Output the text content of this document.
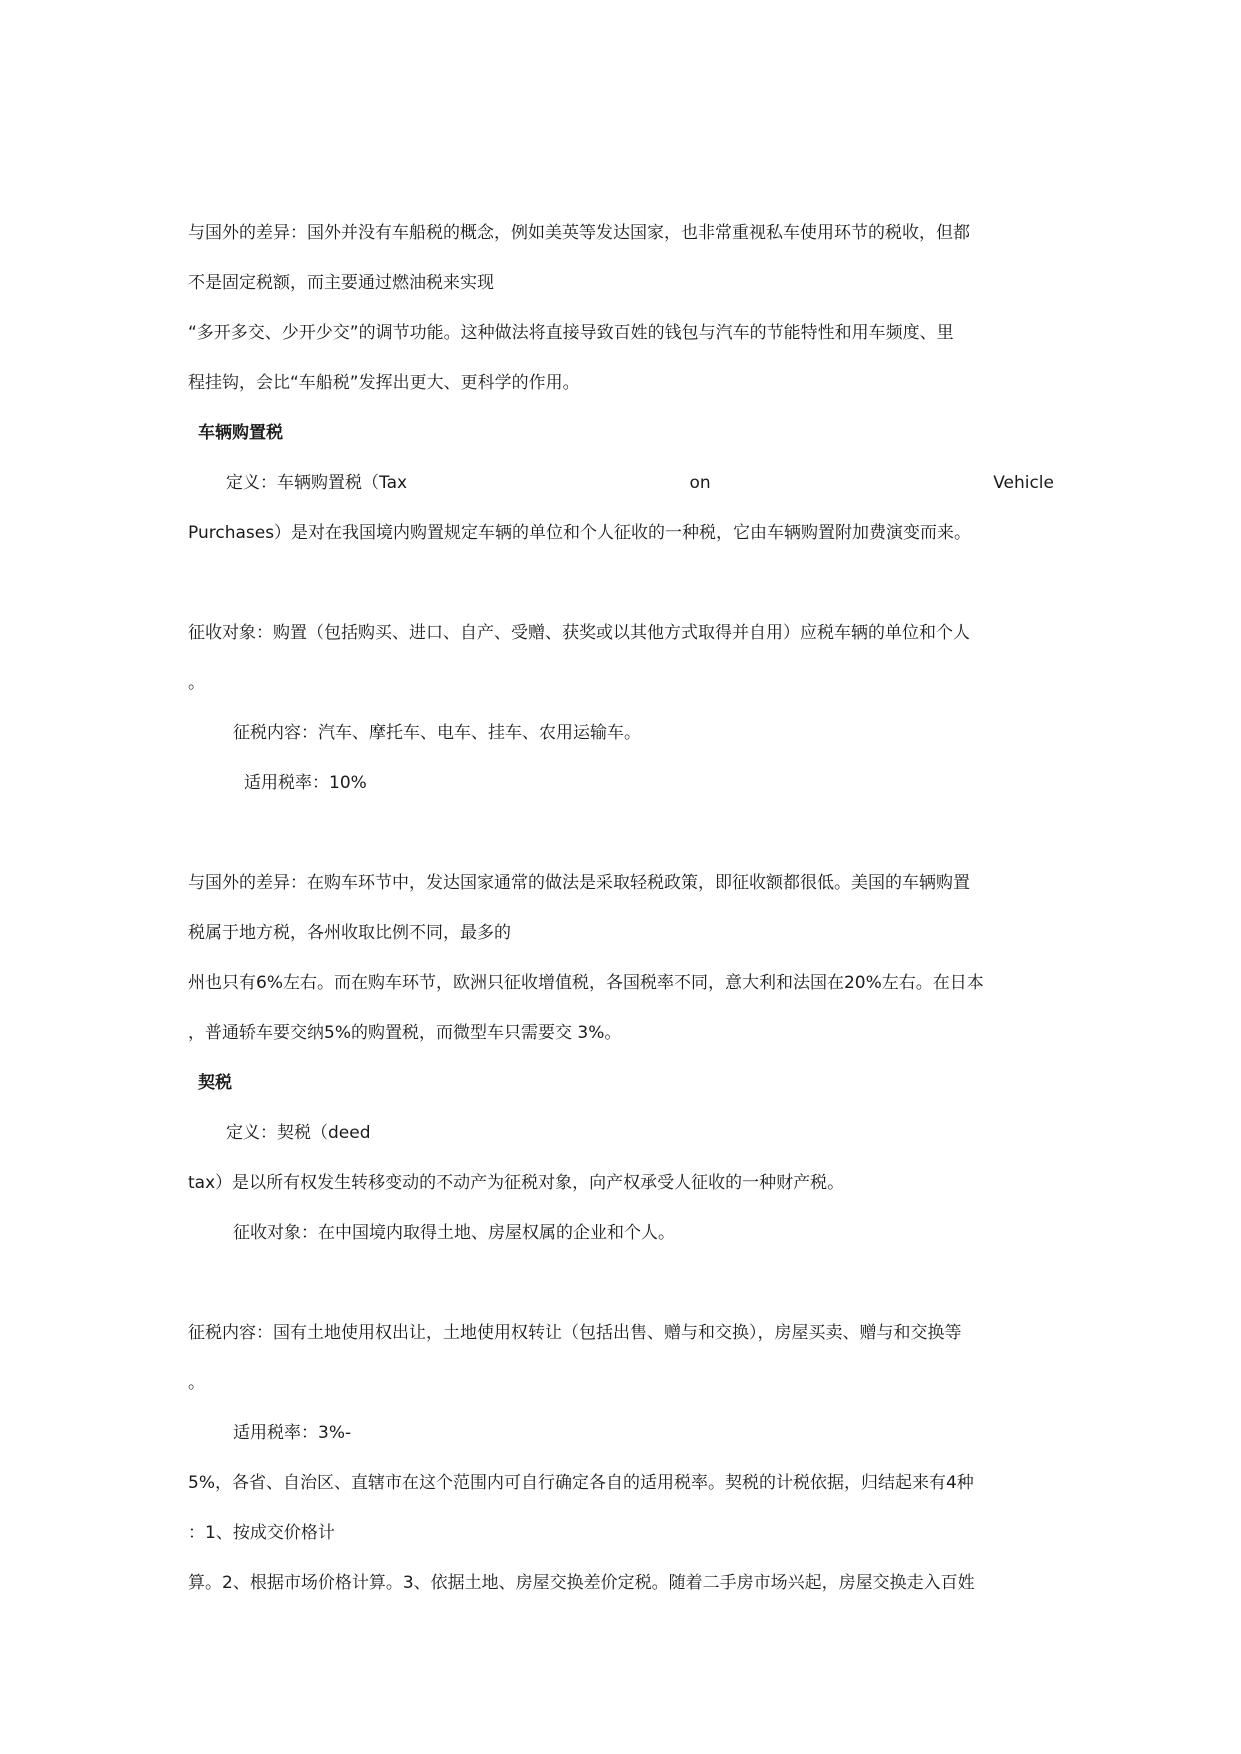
与国外的差异：国外并没有车船税的概念，例如美英等发达国家，也非常重视私车使用环节的税收，但都
不是固定税额，而主要通过燃油税来实现
“多开多交、少开少交”的调节功能。这种做法将直接导致百姓的钱包与汽车的节能特性和用车频度、里
程挂钩，会比“车船税”发挥出更大、更科学的作用。
车辆购置税
定义：车辆购置税（Tax	on	Vehicle
Purchases）是对在我国境内购置规定车辆的单位和个人征收的一种税，它由车辆购置附加费演变而来。
征收对象：购置（包括购买、进口、自产、受赠、获奖或以其他方式取得并自用）应税车辆的单位和个人
。
征税内容：汽车、摩托车、电车、挂车、农用运输车。
适用税率：10%
与国外的差异：在购车环节中，发达国家通常的做法是采取轻税政策，即征收额都很低。美国的车辆购置
税属于地方税，各州收取比例不同，最多的
州也只有6%左右。而在购车环节，欧洲只征收增值税，各国税率不同，意大利和法国在20%左右。在日本
，普通轿车要交纳5%的购置税，而微型车只需要交 3%。
契税
定义：契税（deed
tax）是以所有权发生转移变动的不动产为征税对象，向产权承受人征收的一种财产税。
征收对象：在中国境内取得土地、房屋权属的企业和个人。
征税内容：国有土地使用权出让，土地使用权转让（包括出售、赠与和交换），房屋买卖、赠与和交换等
。
适用税率：3%-
5%，各省、自治区、直辖市在这个范围内可自行确定各自的适用税率。契税的计税依据，归结起来有4种
：1、按成交价格计
算。2、根据市场价格计算。3、依据土地、房屋交换差价定税。随着二手房市场兴起，房屋交换走入百姓
